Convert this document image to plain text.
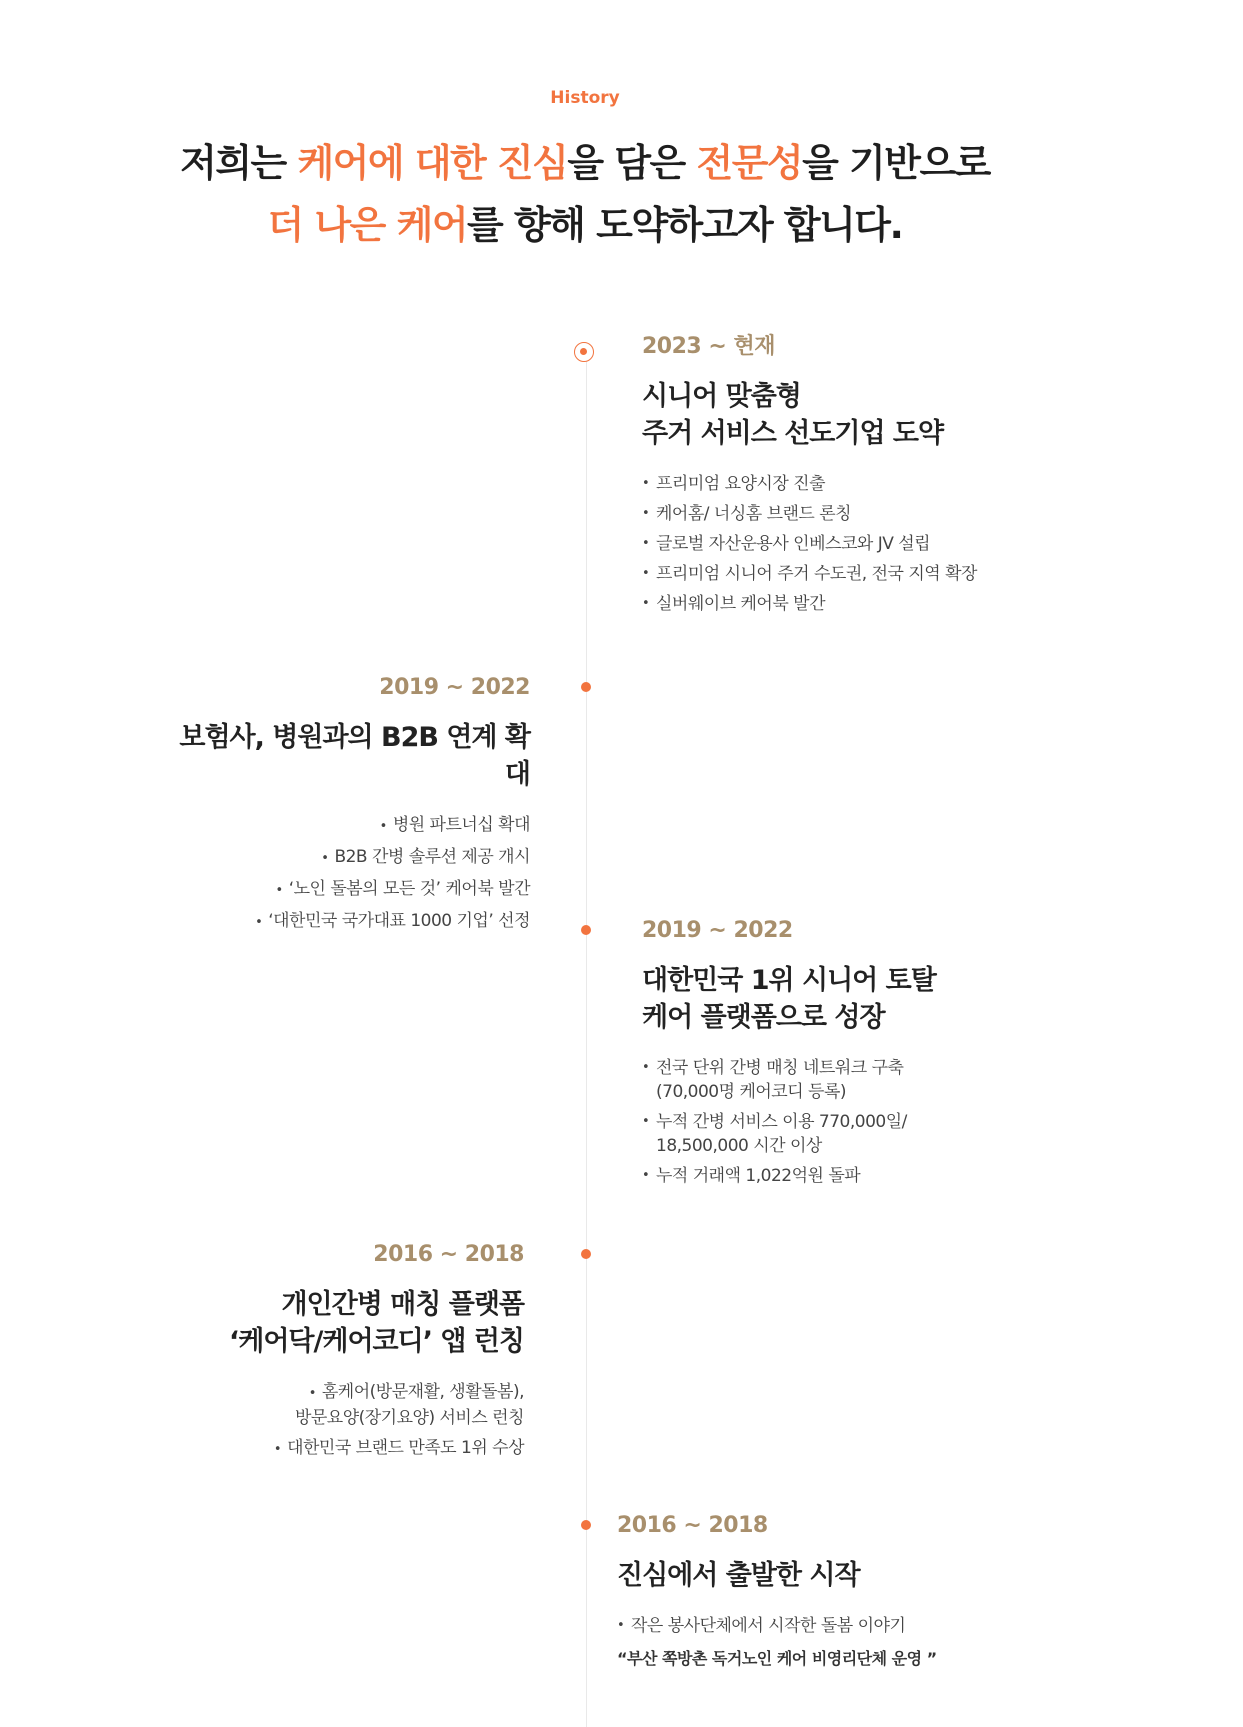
History
저희는 케어에 대한 진심을 담은 전문성을 기반으로
더 나은 케어를 향해 도약하고자 합니다.
2023 ~ 현재
시니어 맞춤형
주거 서비스 선도기업 도약
• 프리미엄 요양시장 진출
• 케어홈/ 너싱홈 브랜드 론칭
• 글로벌 자산운용사 인베스코와 JV 설립
• 프리미엄 시니어 주거 수도권, 전국 지역 확장
• 실버웨이브 케어북 발간
2019 ~ 2022
보험사, 병원과의 B2B 연계 확대
• 병원 파트너십 확대
• B2B 간병 솔루션 제공 개시
• ‘노인 돌봄의 모든 것’ 케어북 발간
• ‘대한민국 국가대표 1000 기업’ 선정	2019 ~ 2022
대한민국 1위 시니어 토탈
케어 플랫폼으로 성장
• 전국 단위 간병 매칭 네트워크 구축
(70,000명 케어코디 등록)
• 누적 간병 서비스 이용 770,000일/
18,500,000 시간 이상
• 누적 거래액 1,022억원 돌파
2016 ~ 2018
개인간병 매칭 플랫폼
‘케어닥/케어코디’ 앱 런칭
• 홈케어(방문재활, 생활돌봄),
방문요양(장기요양) 서비스 런칭
• 대한민국 브랜드 만족도 1위 수상
2016 ~ 2018
진심에서 출발한 시작
• 작은 봉사단체에서 시작한 돌봄 이야기
“부산 쪽방촌 독거노인 케어 비영리단체 운영 ”
